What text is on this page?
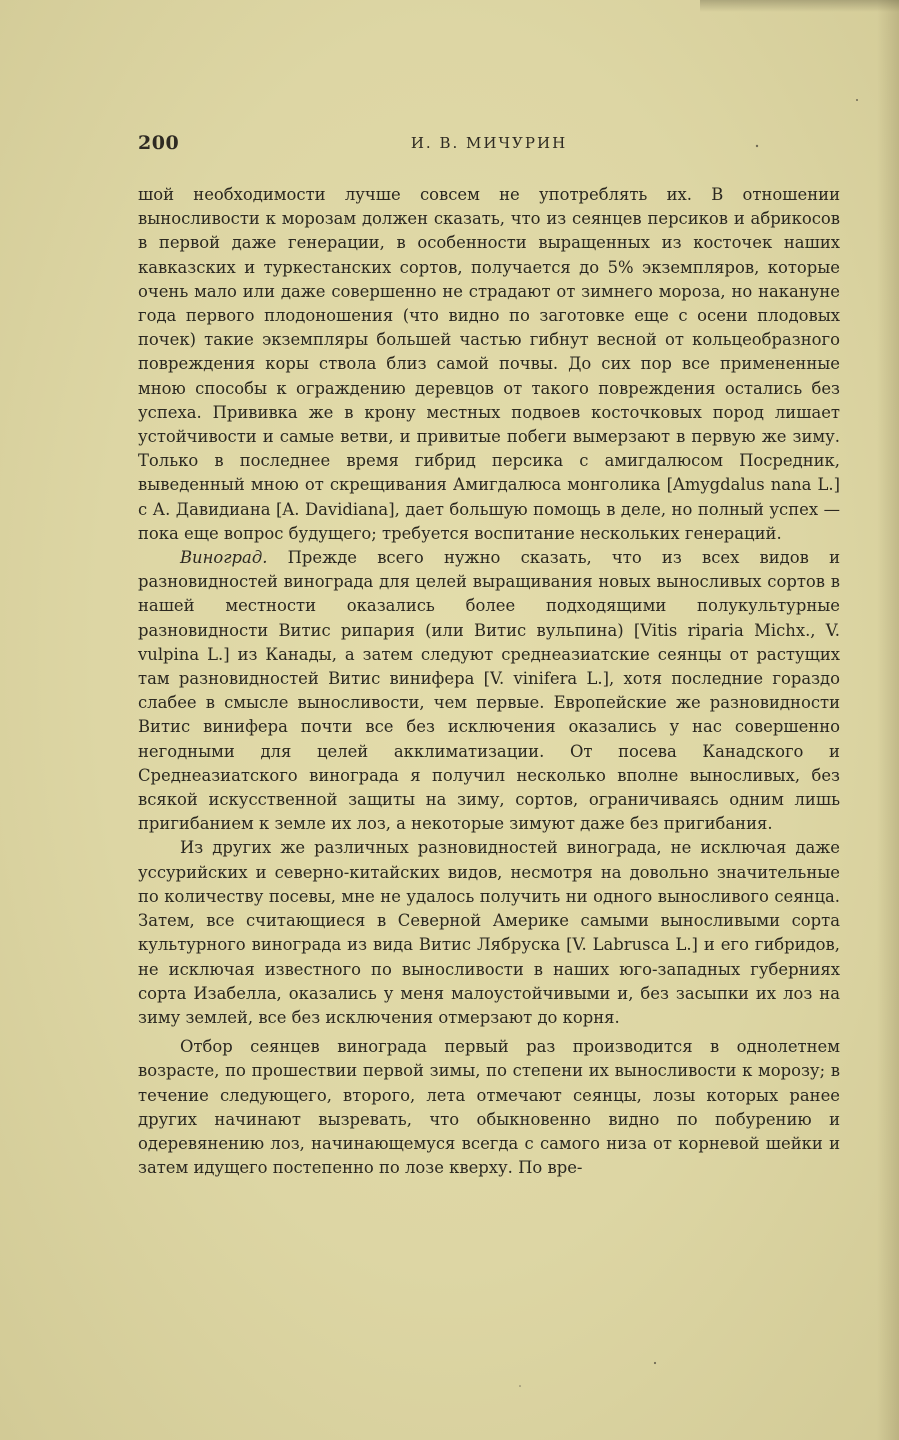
200	И. В. МИЧУРИН

шой необходимости лучше совсем не употреблять их. В отношении выносливости к морозам должен сказать, что из сеянцев персиков и абрикосов в первой даже генерации, в особенности выращенных из косточек наших кавказских и туркестанских сортов, получается до 5% экземпляров, которые очень мало или даже совершенно не страдают от зимнего мороза, но накануне года первого плодоношения (что видно по заготовке еще с осени плодовых почек) такие экземпляры большей частью гибнут весной от кольцеобразного повреждения коры ствола близ самой почвы. До сих пор все примененные мною способы к ограждению деревцов от такого повреждения остались без успеха. Прививка же в крону местных подвоев косточковых пород лишает устойчивости и самые ветви, и привитые побеги вымерзают в первую же зиму. Только в последнее время гибрид персика с амигдалюсом Посредник, выведенный мною от скрещивания Амигдалюса монголика [Amygdalus nana L.] с А. Давидиана [A. Davidiana], дает большую помощь в деле, но полный успех — пока еще вопрос будущего; требуется воспитание нескольких генераций.

Виноград. Прежде всего нужно сказать, что из всех видов и разновидностей винограда для целей выращивания новых выносливых сортов в нашей местности оказались более подходящими полукультурные разновидности Витис рипария (или Витис вульпина) [Vitis riparia Michx., V. vulpina L.] из Канады, а затем следуют среднеазиатские сеянцы от растущих там разновидностей Витис винифера [V. vinifera L.], хотя последние гораздо слабее в смысле выносливости, чем первые. Европейские же разновидности Витис винифера почти все без исключения оказались у нас совершенно негодными для целей акклиматизации. От посева Канадского и Среднеазиатского винограда я получил несколько вполне выносливых, без всякой искусственной защиты на зиму, сортов, ограничиваясь одним лишь пригибанием к земле их лоз, а некоторые зимуют даже без пригибания.

Из других же различных разновидностей винограда, не исключая даже уссурийских и северно-китайских видов, несмотря на довольно значительные по количеству посевы, мне не удалось получить ни одного выносливого сеянца. Затем, все считающиеся в Северной Америке самыми выносливыми сорта культурного винограда из вида Витис Лябруска [V. Labrusca L.] и его гибридов, не исключая известного по выносливости в наших юго-западных губерниях сорта Изабелла, оказались у меня малоустойчивыми и, без засыпки их лоз на зиму землей, все без исключения отмерзают до корня.

Отбор сеянцев винограда первый раз производится в однолетнем возрасте, по прошествии первой зимы, по степени их выносливости к морозу; в течение следующего, второго, лета отмечают сеянцы, лозы которых ранее других начинают вызревать, что обыкновенно видно по побурению и одеревянению лоз, начинающемуся всегда с самого низа от корневой шейки и затем идущего постепенно по лозе кверху. По вре-
